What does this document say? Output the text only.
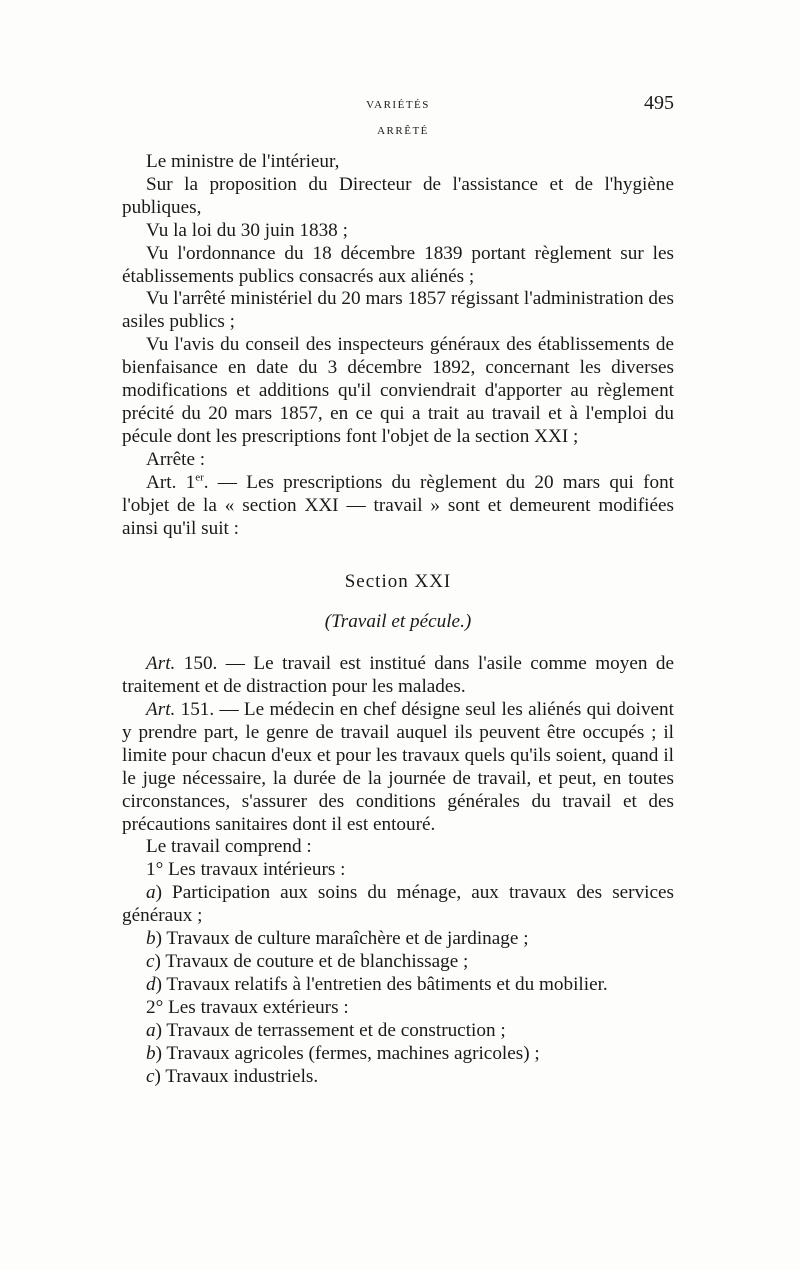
VARIÉTÉS	495
ARRÊTÉ

Le ministre de l'intérieur,

Sur la proposition du Directeur de l'assistance et de l'hygiène publiques,

Vu la loi du 30 juin 1838 ;

Vu l'ordonnance du 18 décembre 1839 portant règlement sur les établissements publics consacrés aux aliénés ;

Vu l'arrêté ministériel du 20 mars 1857 régissant l'administration des asiles publics ;

Vu l'avis du conseil des inspecteurs généraux des établissements de bienfaisance en date du 3 décembre 1892, concernant les diverses modifications et additions qu'il conviendrait d'apporter au règlement précité du 20 mars 1857, en ce qui a trait au travail et à l'emploi du pécule dont les prescriptions font l'objet de la section XXI ;

Arrête :

Art. 1er. — Les prescriptions du règlement du 20 mars qui font l'objet de la « section XXI — travail » sont et demeurent modifiées ainsi qu'il suit :

Section XXI
(Travail et pécule.)

Art. 150. — Le travail est institué dans l'asile comme moyen de traitement et de distraction pour les malades.

Art. 151. — Le médecin en chef désigne seul les aliénés qui doivent y prendre part, le genre de travail auquel ils peuvent être occupés ; il limite pour chacun d'eux et pour les travaux quels qu'ils soient, quand il le juge nécessaire, la durée de la journée de travail, et peut, en toutes circonstances, s'assurer des conditions générales du travail et des précautions sanitaires dont il est entouré.

Le travail comprend :

1° Les travaux intérieurs :

a) Participation aux soins du ménage, aux travaux des services généraux ;

b) Travaux de culture maraîchère et de jardinage ;

c) Travaux de couture et de blanchissage ;

d) Travaux relatifs à l'entretien des bâtiments et du mobilier.

2° Les travaux extérieurs :

a) Travaux de terrassement et de construction ;

b) Travaux agricoles (fermes, machines agricoles) ;

c) Travaux industriels.
